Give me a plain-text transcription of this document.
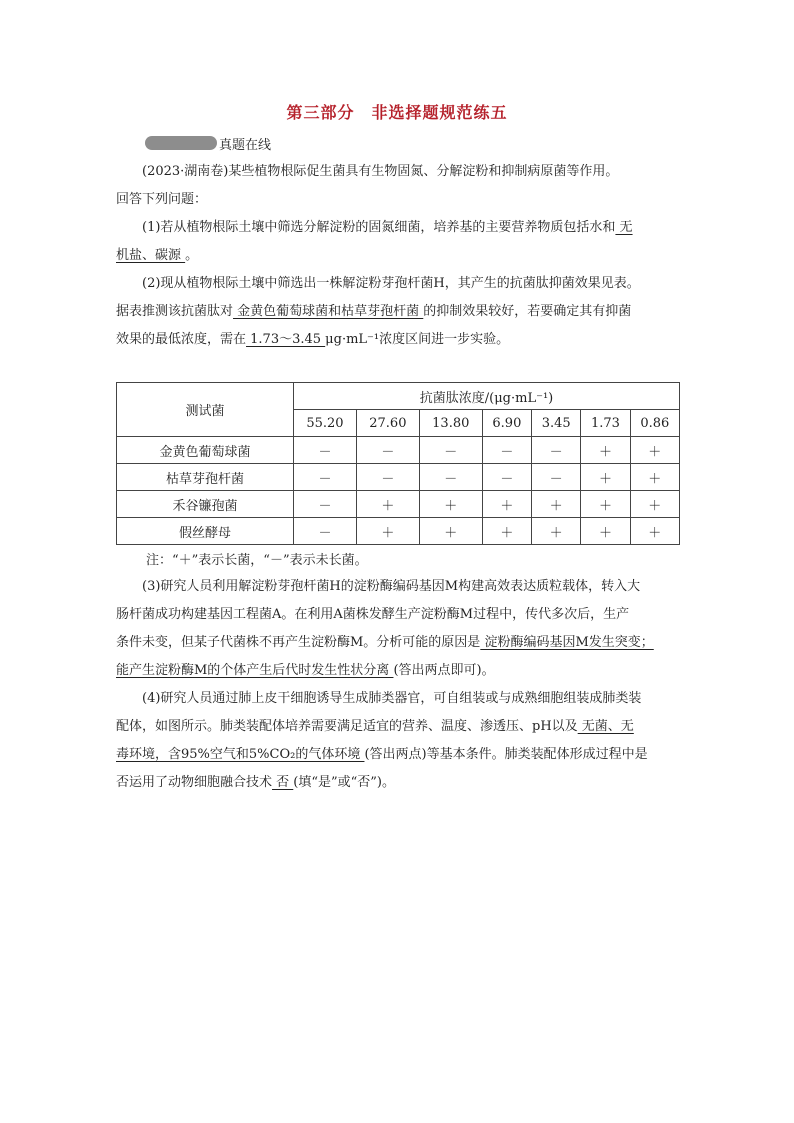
第三部分　非选择题规范练五
真题在线
(2023·湖南卷)某些植物根际促生菌具有生物固氮、分解淀粉和抑制病原菌等作用。
回答下列问题：
(1)若从植物根际土壤中筛选分解淀粉的固氮细菌，培养基的主要营养物质包括水和 无
机盐、碳源 。
(2)现从植物根际土壤中筛选出一株解淀粉芽孢杆菌H，其产生的抗菌肽抑菌效果见表。
据表推测该抗菌肽对 金黄色葡萄球菌和枯草芽孢杆菌 的抑制效果较好，若要确定其有抑菌
效果的最低浓度，需在 1.73～3.45 μg·mL⁻¹浓度区间进一步实验。
测试菌	抗菌肽浓度/(μg·mL⁻¹)						
	55.20	27.60	13.80	6.90	3.45	1.73	0.86
金黄色葡萄球菌	－	－	－	－	－	＋	＋
枯草芽孢杆菌	－	－	－	－	－	＋	＋
禾谷镰孢菌	－	＋	＋	＋	＋	＋	＋
假丝酵母	－	＋	＋	＋	＋	＋	＋
注：“＋”表示长菌，“－”表示未长菌。
(3)研究人员利用解淀粉芽孢杆菌H的淀粉酶编码基因M构建高效表达质粒载体，转入大
肠杆菌成功构建基因工程菌A。在利用A菌株发酵生产淀粉酶M过程中，传代多次后，生产
条件未变，但某子代菌株不再产生淀粉酶M。分析可能的原因是 淀粉酶编码基因M发生突变；
能产生淀粉酶M的个体产生后代时发生性状分离 (答出两点即可)。
(4)研究人员通过肺上皮干细胞诱导生成肺类器官，可自组装或与成熟细胞组装成肺类装
配体，如图所示。肺类装配体培养需要满足适宜的营养、温度、渗透压、pH以及 无菌、无
毒环境，含95%空气和5%CO₂的气体环境 (答出两点)等基本条件。肺类装配体形成过程中是
否运用了动物细胞融合技术 否 (填“是”或“否”)。
